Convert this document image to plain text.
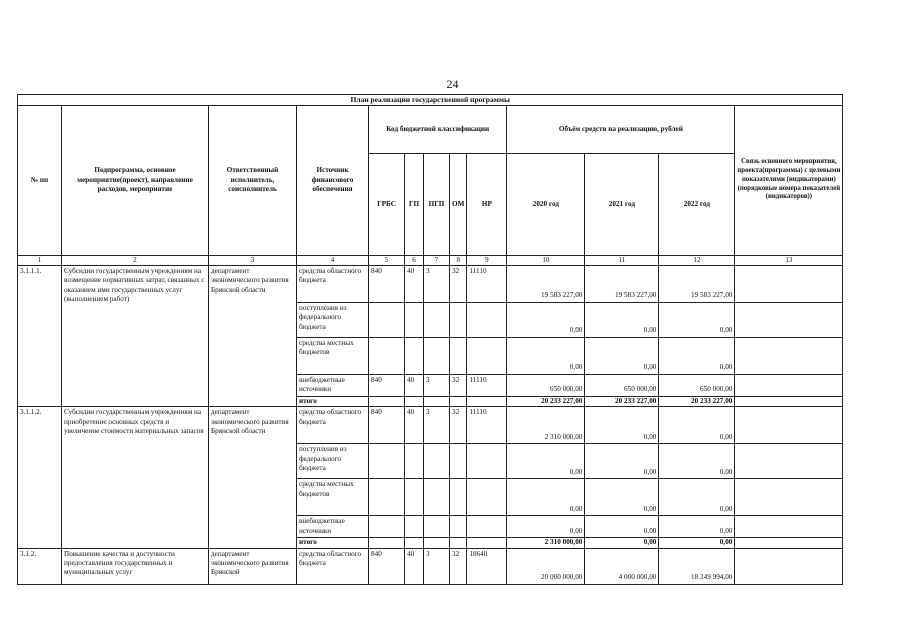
24
План реализации государственной программы												
№ пп	Подпрограмма, основное мероприятие(проект), направление расходов, мероприятие	Ответственный исполнитель, соисполнитель	Источник финансового обеспечения	Код бюджетной классификации					Объём средств на реализацию, рублей			Связь основного мероприятия, проекта(программы) с целевыми показателями (индикаторами) (порядковые номера показателей (индикаторов))
				ГРБС	ГП	ПГП	ОМ	НР	2020 год	2021 год	2022 год	
1	2	3	4	5	6	7	8	9	10	11	12	13
3.1.1.1.	Субсидии государственным учреждениям на возмещение нормативных затрат, связанных с оказанием ими государственных услуг (выполнением работ)	департамент экономического развития Брянской области	средства областного бюджета	840	40	3	32	11110	19 583 227,00	19 583 227,00	19 583 227,00	
			поступления из федерального бюджета						0,00	0,00	0,00	
			средства местных бюджетов						0,00	0,00	0,00	
			внебюджетные источники	840	40	3	32	11110	650 000,00	650 000,00	650 000,00	
			итого						20 233 227,00	20 233 227,00	20 233 227,00	
3.1.1.2.	Субсидии государственным учреждениям на приобретение основных средств и увеличение стоимости материальных запасов	департамент экономического развития Брянской области	средства областного бюджета	840	40	3	32	11110	2 310 000,00	0,00	0,00	
			поступления из федерального бюджета						0,00	0,00	0,00	
			средства местных бюджетов						0,00	0,00	0,00	
			внебюджетные источники						0,00	0,00	0,00	
			итого						2 310 000,00	0,00	0,00	
3.1.2.	Повышение качества и доступности предоставления государственных и муниципальных услуг	департамент экономического развития Брянской	средства областного бюджета	840	40	3	32	18640	20 000 000,00	4 000 000,00	18 249 994,00	
